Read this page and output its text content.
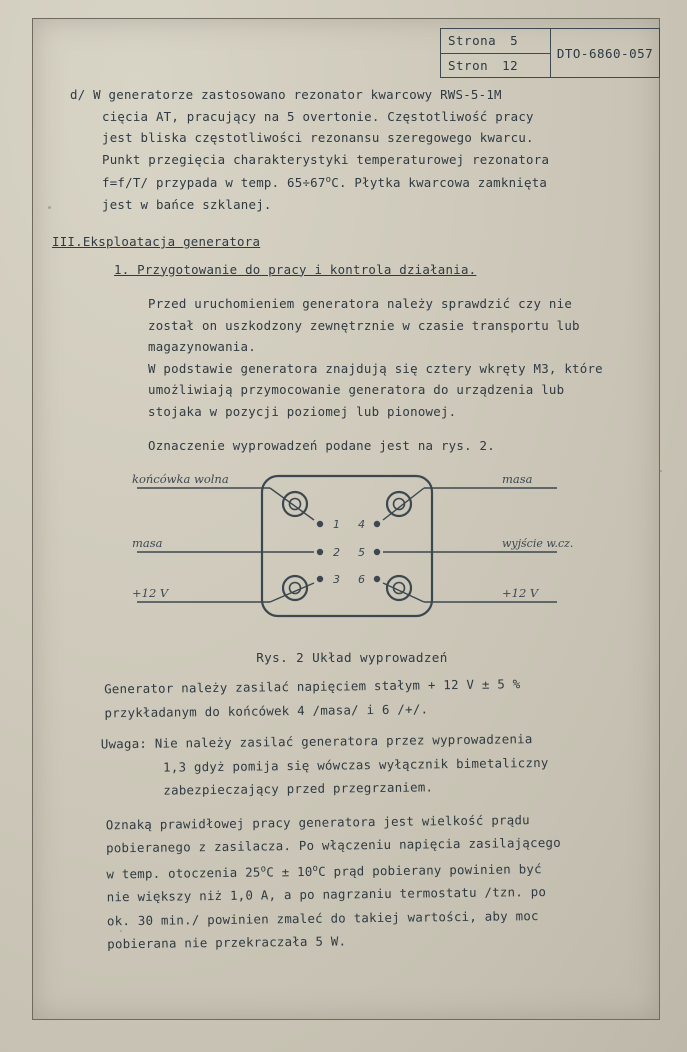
Strona 5
Stron 12
DTO-6860-057
d/ W generatorze zastosowano rezonator kwarcowy RWS-5-1M
cięcia AT, pracujący na 5 overtonie. Częstotliwość pracy
jest bliska częstotliwości rezonansu szeregowego kwarcu.
Punkt przegięcia charakterystyki temperaturowej rezonatora
f=f/T/ przypada w temp. $65\div 67^oC$. Płytka kwarcowa zamknięta
jest w bańce szklanej.
III.Eksploatacja generatora
1. Przygotowanie do pracy i kontrola działania.
Przed uruchomieniem generatora należy sprawdzić czy nie
został on uszkodzony zewnętrznie w czasie transportu lub
magazynowania.
W podstawie generatora znajdują się cztery wkręty M3, które
umożliwiają przymocowanie generatora do urządzenia lub
stojaka w pozycji poziomej lub pionowej.
Oznaczenie wyprowadzeń podane jest na rys. 2.
1
2
3
4
5
6
końcówka wolna
masa
+12 V
masa
wyjście w.cz.
+12 V
Rys. 2 Układ wyprowadzeń
Generator należy zasilać napięciem stałym + 12 V ± 5 %
przykładanym do końcówek 4 /masa/ i 6 /+/.
Uwaga: Nie należy zasilać generatora przez wyprowadzenia
1,3 gdyż pomija się wówczas wyłącznik bimetaliczny
zabezpieczający przed przegrzaniem.
Oznaką prawidłowej pracy generatora jest wielkość prądu
pobieranego z zasilacza. Po włączeniu napięcia zasilającego
w temp. otoczenia $25^oC \pm 10^oC$ prąd pobierany powinien być
nie większy niż 1,0 A, a po nagrzaniu termostatu /tzn. po
ok. 30 min./ powinien zmaleć do takiej wartości, aby moc
pobierana nie przekraczała 5 W.
